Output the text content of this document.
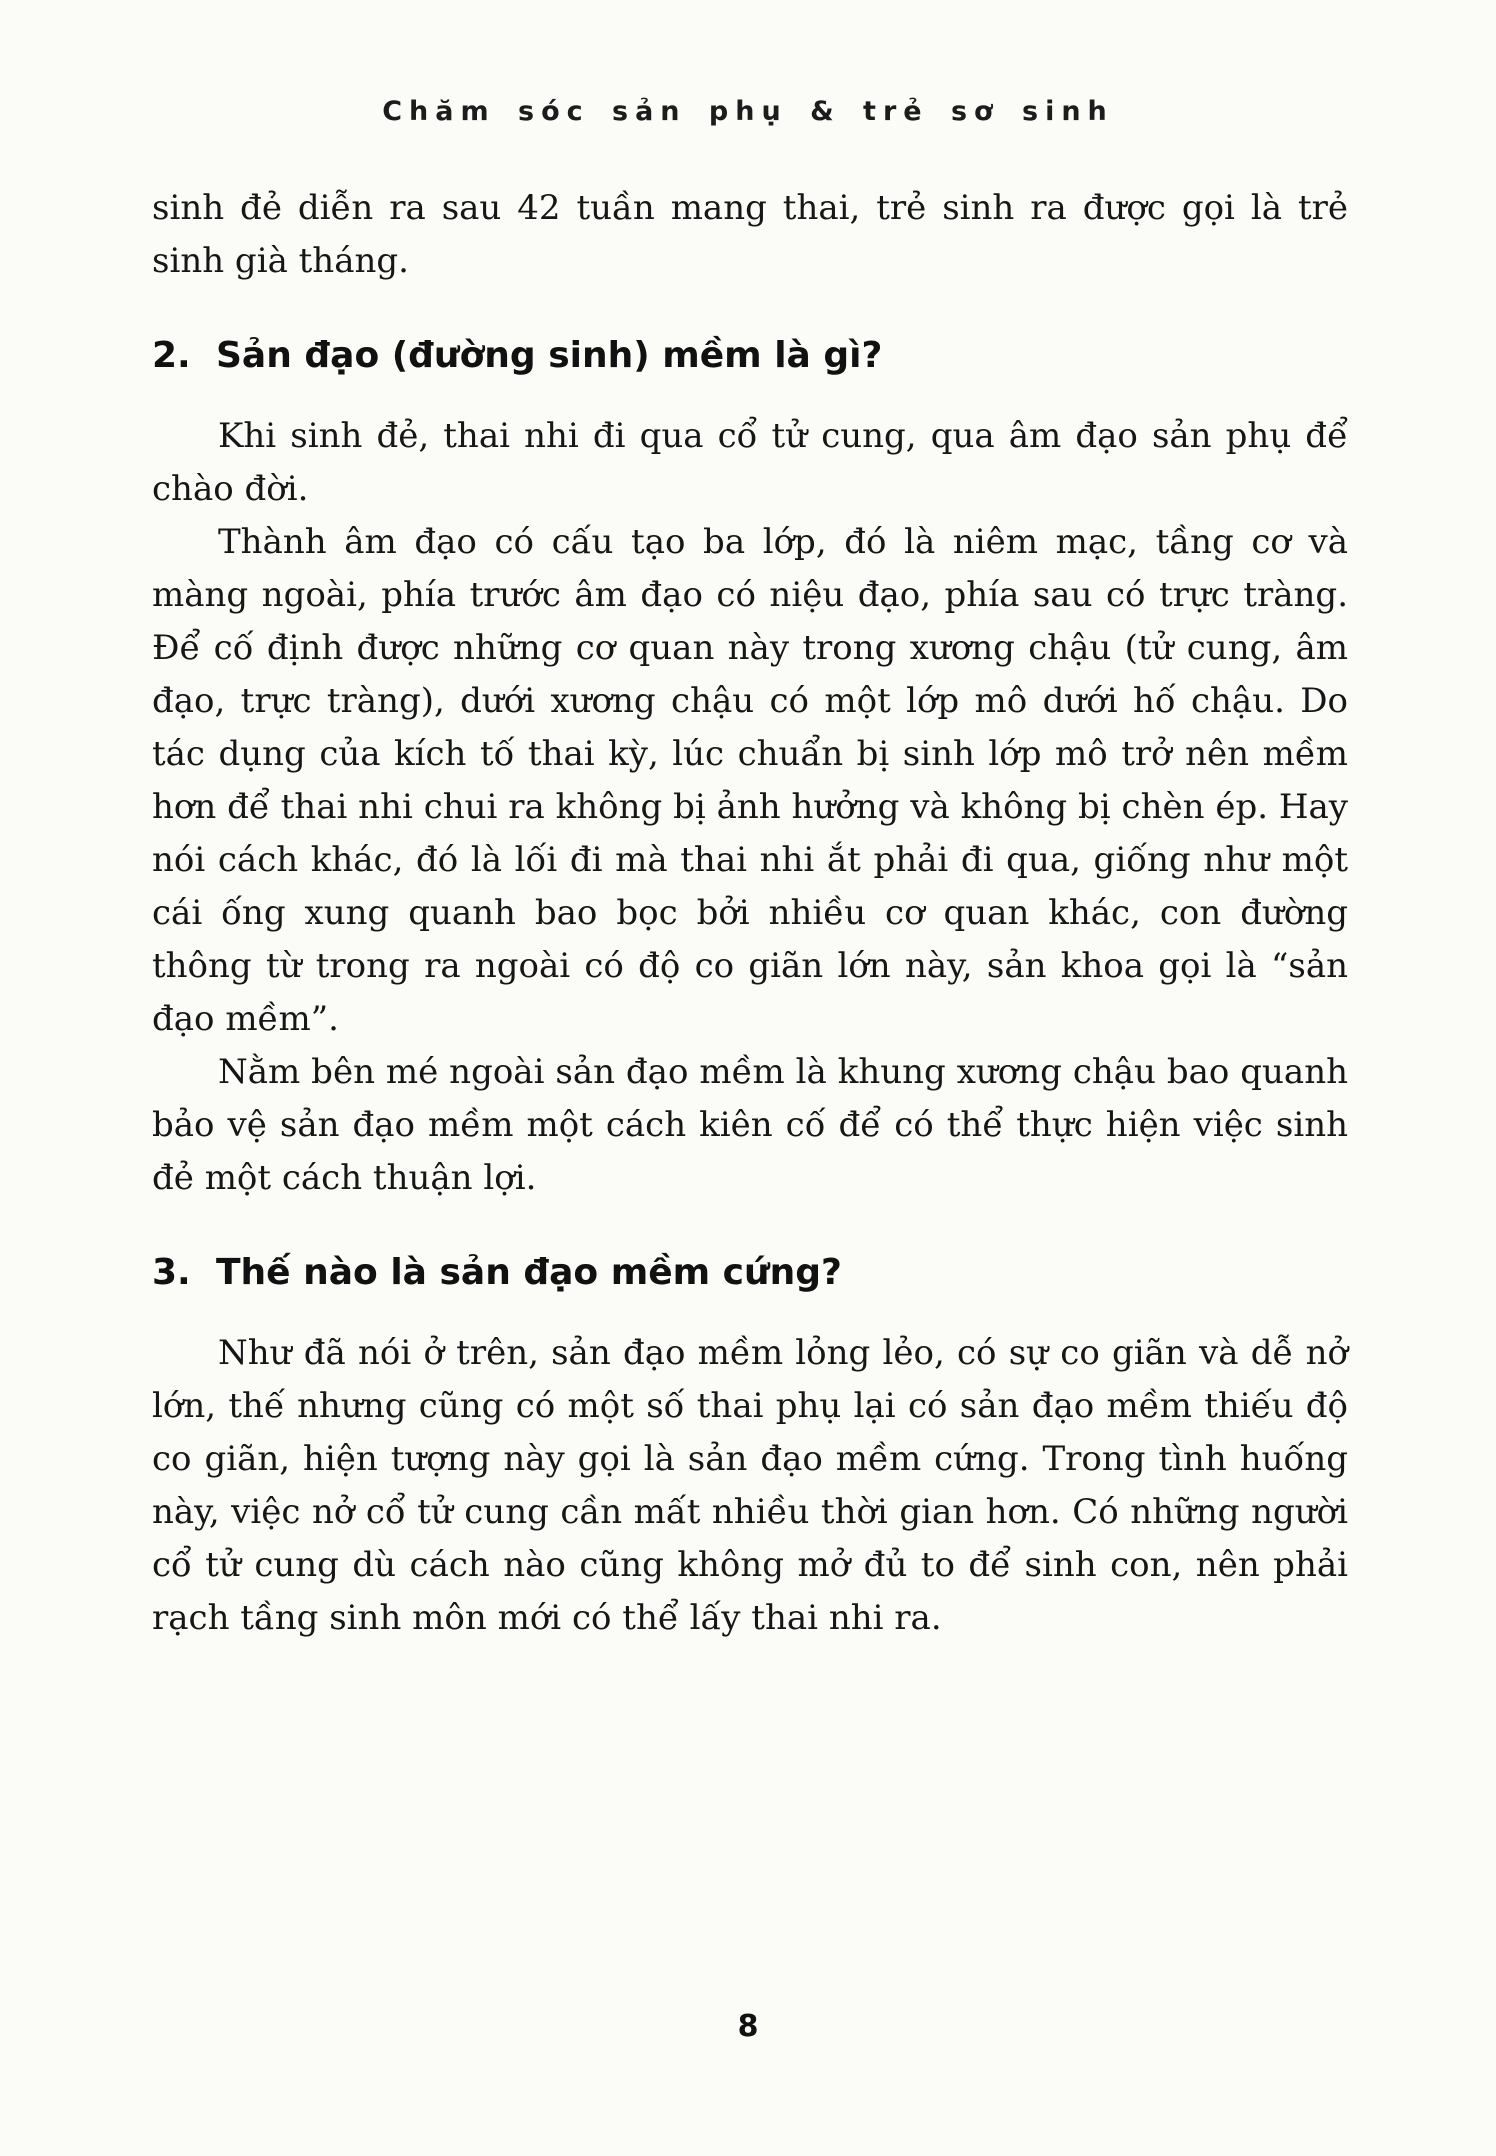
Chăm sóc sản phụ & trẻ sơ sinh

sinh đẻ diễn ra sau 42 tuần mang thai, trẻ sinh ra được gọi là trẻ sinh già tháng.

2. Sản đạo (đường sinh) mềm là gì?

Khi sinh đẻ, thai nhi đi qua cổ tử cung, qua âm đạo sản phụ để chào đời.

Thành âm đạo có cấu tạo ba lớp, đó là niêm mạc, tầng cơ và màng ngoài, phía trước âm đạo có niệu đạo, phía sau có trực tràng. Để cố định được những cơ quan này trong xương chậu (tử cung, âm đạo, trực tràng), dưới xương chậu có một lớp mô dưới hố chậu. Do tác dụng của kích tố thai kỳ, lúc chuẩn bị sinh lớp mô trở nên mềm hơn để thai nhi chui ra không bị ảnh hưởng và không bị chèn ép. Hay nói cách khác, đó là lối đi mà thai nhi ắt phải đi qua, giống như một cái ống xung quanh bao bọc bởi nhiều cơ quan khác, con đường thông từ trong ra ngoài có độ co giãn lớn này, sản khoa gọi là “sản đạo mềm”.

Nằm bên mé ngoài sản đạo mềm là khung xương chậu bao quanh bảo vệ sản đạo mềm một cách kiên cố để có thể thực hiện việc sinh đẻ một cách thuận lợi.

3. Thế nào là sản đạo mềm cứng?

Như đã nói ở trên, sản đạo mềm lỏng lẻo, có sự co giãn và dễ nở lớn, thế nhưng cũng có một số thai phụ lại có sản đạo mềm thiếu độ co giãn, hiện tượng này gọi là sản đạo mềm cứng. Trong tình huống này, việc nở cổ tử cung cần mất nhiều thời gian hơn. Có những người cổ tử cung dù cách nào cũng không mở đủ to để sinh con, nên phải rạch tầng sinh môn mới có thể lấy thai nhi ra.

8
